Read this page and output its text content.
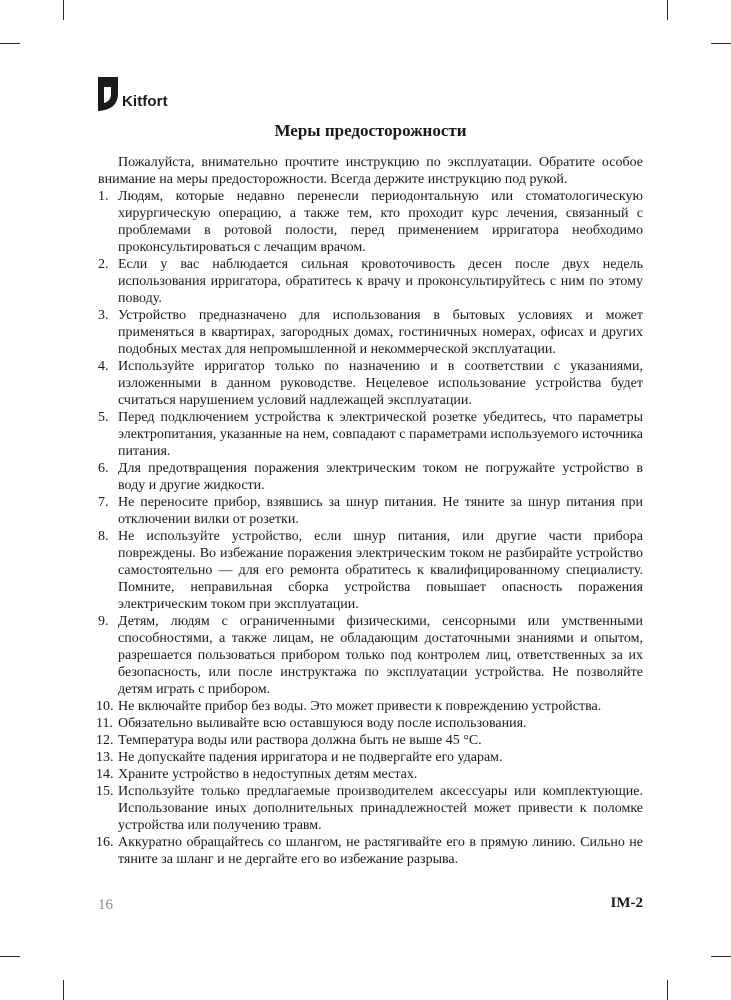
Kitfort
Меры предосторожности

Пожалуйста, внимательно прочтите инструкцию по эксплуатации. Обратите особое внимание на меры предосторожности. Всегда держите инструкцию под рукой.

1. Людям, которые недавно перенесли периодонтальную или стоматологическую хирургическую операцию, а также тем, кто проходит курс лечения, связанный с проблемами в ротовой полости, перед применением ирригатора необходимо проконсультироваться с лечащим врачом.
2. Если у вас наблюдается сильная кровоточивость десен после двух недель использования ирригатора, обратитесь к врачу и проконсультируйтесь с ним по этому поводу.
3. Устройство предназначено для использования в бытовых условиях и может применяться в квартирах, загородных домах, гостиничных номерах, офисах и других подобных местах для непромышленной и некоммерческой эксплуатации.
4. Используйте ирригатор только по назначению и в соответствии с указаниями, изложенными в данном руководстве. Нецелевое использование устройства будет считаться нарушением условий надлежащей эксплуатации.
5. Перед подключением устройства к электрической розетке убедитесь, что параметры электропитания, указанные на нем, совпадают с параметрами используемого источника питания.
6. Для предотвращения поражения электрическим током не погружайте устройство в воду и другие жидкости.
7. Не переносите прибор, взявшись за шнур питания. Не тяните за шнур питания при отключении вилки от розетки.
8. Не используйте устройство, если шнур питания, или другие части прибора повреждены. Во избежание поражения электрическим током не разбирайте устройство самостоятельно — для его ремонта обратитесь к квалифицированному специалисту. Помните, неправильная сборка устройства повышает опасность поражения электрическим током при эксплуатации.
9. Детям, людям с ограниченными физическими, сенсорными или умственными способностями, а также лицам, не обладающим достаточными знаниями и опытом, разрешается пользоваться прибором только под контролем лиц, ответственных за их безопасность, или после инструктажа по эксплуатации устройства. Не позволяйте детям играть с прибором.
10. Не включайте прибор без воды. Это может привести к повреждению устройства.
11. Обязательно выливайте всю оставшуюся воду после использования.
12. Температура воды или раствора должна быть не выше 45 °C.
13. Не допускайте падения ирригатора и не подвергайте его ударам.
14. Храните устройство в недоступных детям местах.
15. Используйте только предлагаемые производителем аксессуары или комплектующие. Использование иных дополнительных принадлежностей может привести к поломке устройства или получению травм.
16. Аккуратно обращайтесь со шлангом, не растягивайте его в прямую линию. Сильно не тяните за шланг и не дергайте его во избежание разрыва.
16	IM-2
